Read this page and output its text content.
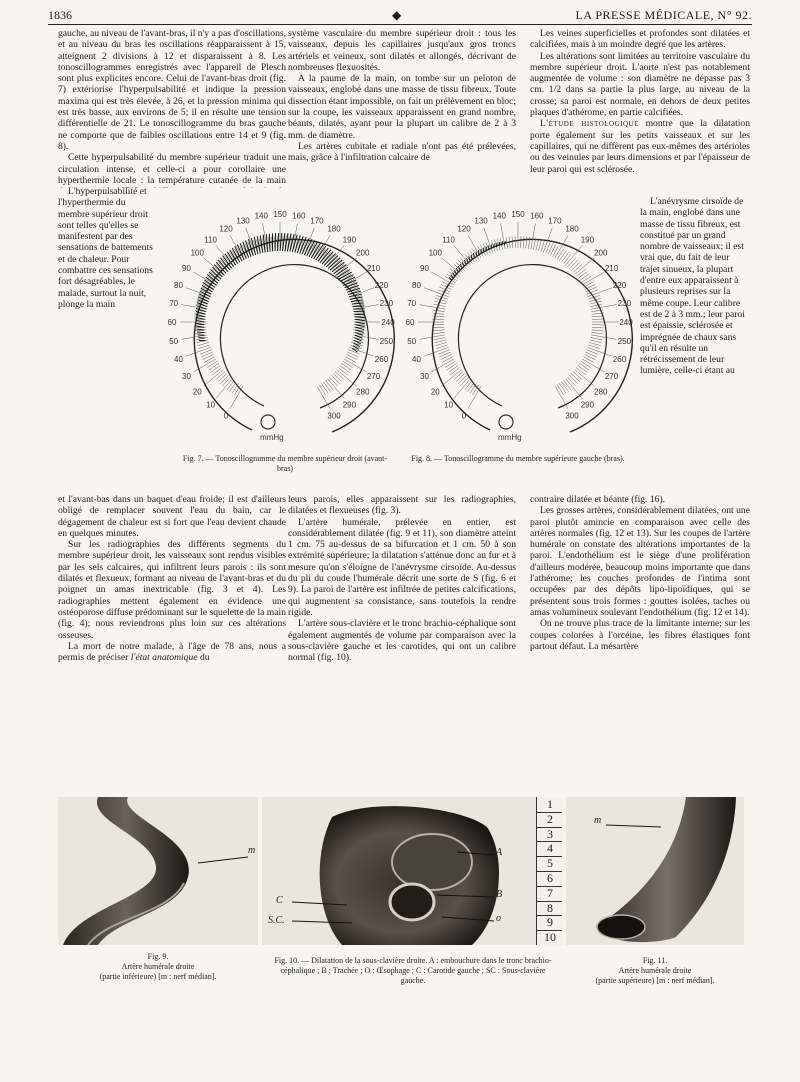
1836	◆	LA PRESSE MÉDICALE, N° 92.

gauche, au niveau de l'avant-bras, il n'y a pas d'oscillations, et au niveau du bras les oscillations réapparaissent à 15, atteignent 2 divisions à 12 et disparaissent à 8. Les tonoscillogrammes enregistrés avec l'appareil de Plesch sont plus explicites encore. Celui de l'avant-bras droit (fig. 7) extériorise l'hyperpulsabilité et indique la pression maxima qui est très élevée, à 26, et la pression minima qui est très basse, aux environs de 5; il en résulte une tension différentielle de 21. Le tonoscillogramme du bras gauche ne comporte que de faibles oscillations entre 14 et 9 (fig. 8).

Cette hyperpulsabilité du membre supérieur traduit une circulation intense, et celle-ci a pour corollaire une hyperthermie locale : la température cutanée de la main

L'hyperpulsabilité et l'hyperthermie du membre supérieur droit sont telles qu'elles se manifestent par des sensations de battements et de chaleur. Pour combattre ces sensations fort désagréables, le malade, surtout la nuit, plonge la main

système vasculaire du membre supérieur droit : tous les vaisseaux, depuis les capillaires jusqu'aux gros troncs artériels et veineux, sont dilatés et allongés, décrivant de nombreuses flexuosités.

A la paume de la main, on tombe sur un peloton de vaisseaux, englobé dans une masse de tissu fibreux. Toute dissection étant impossible, on fait un prélèvement en bloc; sur la coupe, les vaisseaux apparaissent en grand nombre, béants, dilatés, ayant pour la plupart un calibre de 2 à 3 mm. de diamètre.

Les artères cubitale et radiale n'ont pas été prélevées, mais, grâce à l'infiltration calcaire de

Les veines superficielles et profondes sont dilatées et calcifiées, mais à un moindre degré que les artères.

Les altérations sont limitées au territoire vasculaire du membre supérieur droit. L'aorte n'est pas notablement augmentée de volume : son diamètre ne dépasse pas 3 cm. 1/2 dans sa partie la plus large, au niveau de la crosse; sa paroi est normale, en dehors de deux petites plaques d'athérome, en partie calcifiées.

L'étude histologique montre que la dilatation porte également sur les petits vaisseaux et sur les capillaires, qui ne diffèrent pas eux-mêmes des artérioles ou des veinules par leurs dimensions et par l'épaisseur de leur paroi qui est sclérosée.

L'anévrysme cirsoïde de la main, englobé dans une masse de tissu fibreux, est constitué par un grand nombre de vaisseaux; il est vrai que, du fait de leur trajet sinueux, la plupart d'entre eux apparaissent à plusieurs reprises sur la même coupe. Leur calibre est de 2 à 3 mm.; leur paroi est épaissie, sclérosée et imprégnée de chaux sans qu'il en résulte un rétrécissement de leur lumière, celle-ci étant au

0
10
20
30
40
50
60
70
80
90
100
110
120
130
140 150 160
170
180
190
200
210
220
230
240
250
260
270
280
290
300
mmHg
Fig. 7. — Tonoscillogramme du membre supérieur droit (avant-bras)
0
10
20
30
40
50
60
70
80
90
100
110
120
130
140 150 160
170
180
190
200
210
220
230
240
250
260
270
280
290
300
mmHg
Fig. 8. — Tonoscillogramme du membre supérieure gauche (bras).

et l'avant-bas dans un baquet d'eau froide; il est d'ailleurs obligé de remplacer souvent l'eau du bain, car le dégagement de chaleur est si fort que l'eau devient chaude en quelques minutes.

Sur les radiographies des différents segments du membre supérieur droit, les vaisseaux sont rendus visibles par les sels calcaires, qui infiltrent leurs parois : ils sont dilatés et flexueux, formant au niveau de l'avant-bras et du poignet un amas inextricable (fig. 3 et 4). Les radiographies mettent également en évidence une ostéoporose diffuse prédominant sur le squelette de la main (fig. 4); nous reviendrons plus loin sur ces altérations osseuses.

La mort de notre malade, à l'âge de 78 ans, nous a permis de préciser l'état anatomique du

leurs parois, elles apparaissent sur les radiographies, dilatées et flexueuses (fig. 3).

L'artère humérale, prélevée en entier, est considérablement dilatée (fig. 9 et 11), son diamètre atteint 1 cm. 75 au-dessus de sa bifurcation et 1 cm. 50 à son extrémité supérieure; la dilatation s'atténue donc au fur et à mesure qu'on s'éloigne de l'anévrysme cirsoïde. Au-dessus du pli du coude l'humérale décrit une sorte de S (fig. 6 et 9). La paroi de l'artère est infiltrée de petites calcifications, qui augmentent sa consistance, sans toutefois la rendre rigide.

L'artère sous-clavière et le tronc brachio-céphalique sont également augmentés de volume par comparaison avec la sous-clavière gauche et les carotides, qui ont un calibre normal (fig. 10).

contraire dilatée et béante (fig. 16).

Les grosses artères, considérablement dilatées, ont une paroi plutôt amincie en comparaison avec celle des artères normales (fig. 12 et 13). Sur les coupes de l'artère humérale on constate des altérations importantes de la paroi. L'endothélium est le siège d'une prolifération d'ailleurs modérée, beaucoup moins importante que dans l'athérome; les couches profondes de l'intima sont occupées par des dépôts lipo-lipoïdiques, qui se présentent sous trois formes : gouttes isolées, taches ou amas volumineux soulevant l'endothélium (fig. 12 et 14).

On ne trouve plus trace de la limitante interne; sur les coupes colorées à l'orcéine, les fibres élastiques font partout défaut. La mésartère

m
Fig. 9.
Artère humérale droite
(partie inférieure) [m : nerf médian].
A
B
C
S.C.	o
1
2
3
4
5
6
7
8
9
10
Fig. 10. — Dilatation de la sous-clavière droite. A : embouchure dans le tronc brachio-céphalique ; B : Trachée ; O : Œsophage ; C : Carotide gauche ; SC : Sous-clavière gauche.
m
Fig. 11.
Artère humérale droite
(partie supérieure) [m : nerf médian].
